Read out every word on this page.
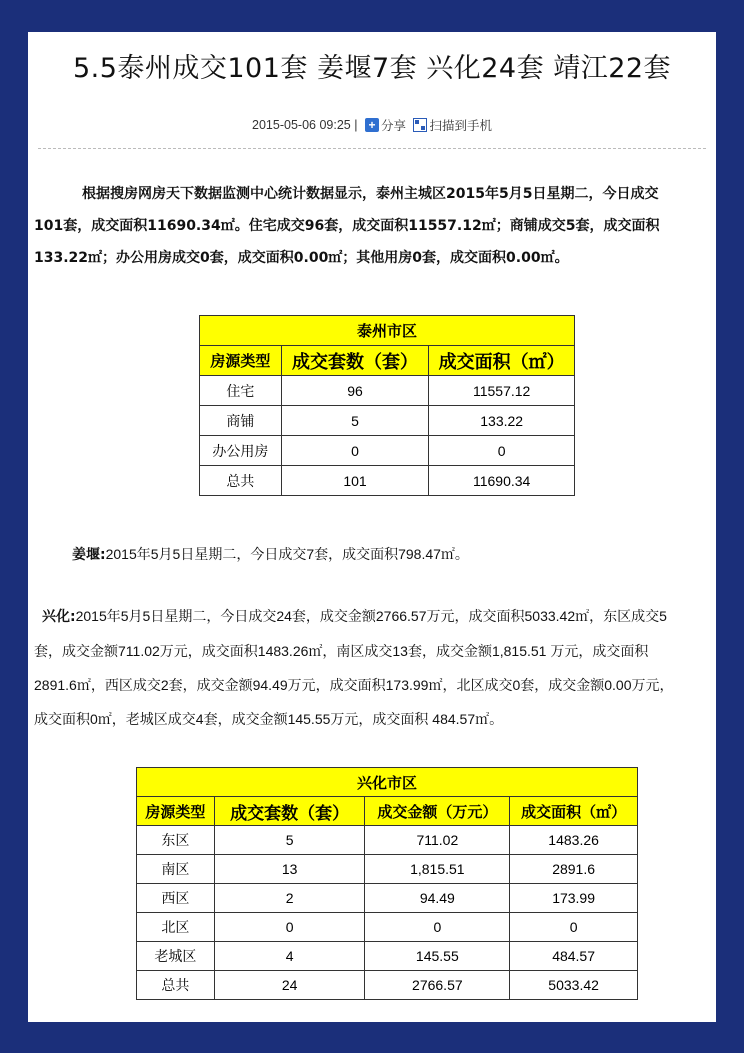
5.5泰州成交101套 姜堰7套 兴化24套 靖江22套
2015-05-06 09:25 | + 分享 扫描到手机
根据搜房网房天下数据监测中心统计数据显示，泰州主城区2015年5月5日星期二，今日成交
101套，成交面积11690.34㎡。住宅成交96套，成交面积11557.12㎡；商铺成交5套，成交面积
133.22㎡；办公用房成交0套，成交面积0.00㎡；其他用房0套，成交面积0.00㎡。
泰州市区		
房源类型	成交套数（套）	成交面积（㎡）
住宅	96	11557.12
商铺	5	133.22
办公用房	0	0
总共	101	11690.34
姜堰:2015年5月5日星期二，今日成交7套，成交面积798.47㎡。
兴化:2015年5月5日星期二，今日成交24套，成交金额2766.57万元，成交面积5033.42㎡，东区成交5
套，成交金额711.02万元，成交面积1483.26㎡，南区成交13套，成交金额1,815.51 万元，成交面积
2891.6㎡，西区成交2套，成交金额94.49万元，成交面积173.99㎡，北区成交0套，成交金额0.00万元，
成交面积0㎡，老城区成交4套，成交金额145.55万元，成交面积 484.57㎡。
兴化市区			
房源类型	成交套数（套）	成交金额（万元）	成交面积（㎡）
东区	5	711.02	1483.26
南区	13	1,815.51	2891.6
西区	2	94.49	173.99
北区	0	0	0
老城区	4	145.55	484.57
总共	24	2766.57	5033.42
